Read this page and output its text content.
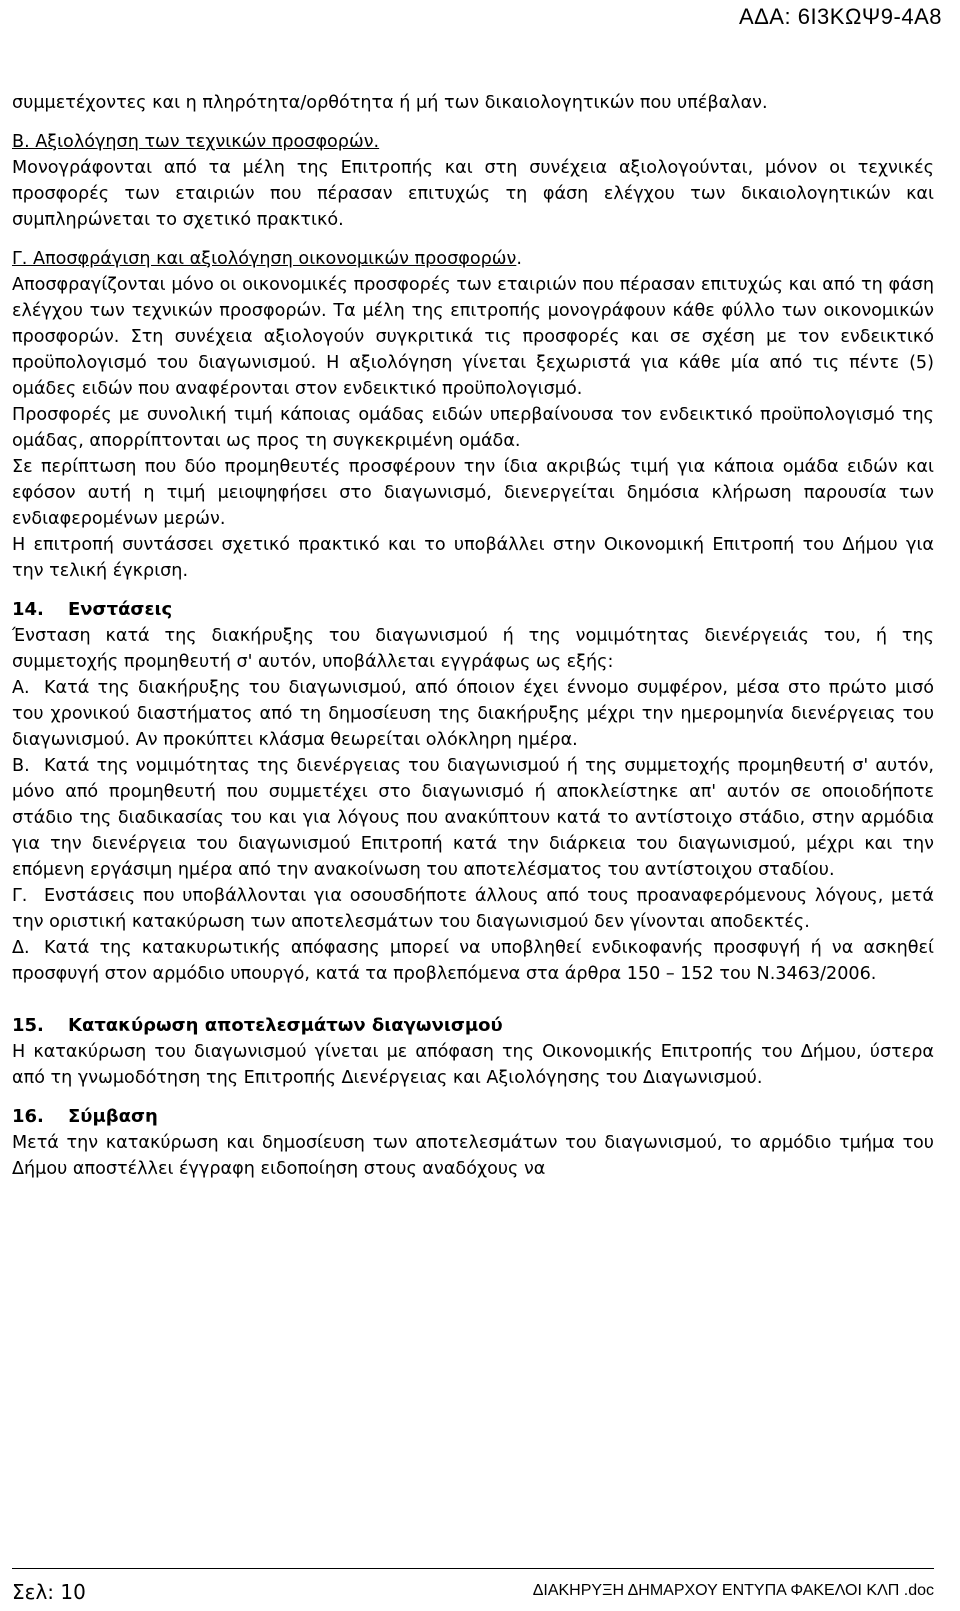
ΑΔΑ: 6Ι3ΚΩΨ9-4Α8

συμμετέχοντες και η πληρότητα/ορθότητα ή μή των δικαιολογητικών που υπέβαλαν.

Β. Αξιολόγηση των τεχνικών προσφορών.

Μονογράφονται από τα μέλη της Επιτροπής και στη συνέχεια αξιολογούνται, μόνον οι τεχνικές προσφορές των εταιριών που πέρασαν επιτυχώς τη φάση ελέγχου των δικαιολογητικών και συμπληρώνεται το σχετικό πρακτικό.

Γ. Αποσφράγιση και αξιολόγηση οικονομικών προσφορών.

Αποσφραγίζονται μόνο οι οικονομικές προσφορές των εταιριών που πέρασαν επιτυχώς και από τη φάση ελέγχου των τεχνικών προσφορών. Τα μέλη της επιτροπής μονογράφουν κάθε φύλλο των οικονομικών προσφορών. Στη συνέχεια αξιολογούν συγκριτικά τις προσφορές και σε σχέση με τον ενδεικτικό προϋπολογισμό του διαγωνισμού. Η αξιολόγηση γίνεται ξεχωριστά για κάθε μία από τις πέντε (5) ομάδες ειδών που αναφέρονται στον ενδεικτικό προϋπολογισμό.

Προσφορές με συνολική τιμή κάποιας ομάδας ειδών υπερβαίνουσα τον ενδεικτικό προϋπολογισμό της ομάδας, απορρίπτονται ως προς τη συγκεκριμένη ομάδα.

Σε περίπτωση που δύο προμηθευτές προσφέρουν την ίδια ακριβώς τιμή για κάποια ομάδα ειδών και εφόσον αυτή η τιμή μειοψηφήσει στο διαγωνισμό, διενεργείται δημόσια κλήρωση παρουσία των ενδιαφερομένων μερών.

Η επιτροπή συντάσσει σχετικό πρακτικό και το υποβάλλει στην Οικονομική Επιτροπή του Δήμου για την τελική έγκριση.

14. Ενστάσεις

Ένσταση κατά της διακήρυξης του διαγωνισμού ή της νομιμότητας διενέργειάς του, ή της συμμετοχής προμηθευτή σ' αυτόν, υποβάλλεται εγγράφως ως εξής:

Α. Κατά της διακήρυξης του διαγωνισμού, από όποιον έχει έννομο συμφέρον, μέσα στο πρώτο μισό του χρονικού διαστήματος από τη δημοσίευση της διακήρυξης μέχρι την ημερομηνία διενέργειας του διαγωνισμού. Αν προκύπτει κλάσμα θεωρείται ολόκληρη ημέρα.

Β. Κατά της νομιμότητας της διενέργειας του διαγωνισμού ή της συμμετοχής προμηθευτή σ' αυτόν, μόνο από προμηθευτή που συμμετέχει στο διαγωνισμό ή αποκλείστηκε απ' αυτόν σε οποιοδήποτε στάδιο της διαδικασίας του και για λόγους που ανακύπτουν κατά το αντίστοιχο στάδιο, στην αρμόδια για την διενέργεια του διαγωνισμού Επιτροπή κατά την διάρκεια του διαγωνισμού, μέχρι και την επόμενη εργάσιμη ημέρα από την ανακοίνωση του αποτελέσματος του αντίστοιχου σταδίου.

Γ. Ενστάσεις που υποβάλλονται για οσουσδήποτε άλλους από τους προαναφερόμενους λόγους, μετά την οριστική κατακύρωση των αποτελεσμάτων του διαγωνισμού δεν γίνονται αποδεκτές.

Δ. Κατά της κατακυρωτικής απόφασης μπορεί να υποβληθεί ενδικοφανής προσφυγή ή να ασκηθεί προσφυγή στον αρμόδιο υπουργό, κατά τα προβλεπόμενα στα άρθρα 150 – 152 του Ν.3463/2006.

15. Κατακύρωση αποτελεσμάτων διαγωνισμού

Η κατακύρωση του διαγωνισμού γίνεται με απόφαση της Οικονομικής Επιτροπής του Δήμου, ύστερα από τη γνωμοδότηση της Επιτροπής Διενέργειας και Αξιολόγησης του Διαγωνισμού.

16. Σύμβαση

Μετά την κατακύρωση και δημοσίευση των αποτελεσμάτων του διαγωνισμού, το αρμόδιο τμήμα του Δήμου αποστέλλει έγγραφη ειδοποίηση στους αναδόχους να

Σελ: 10	ΔΙΑΚΗΡΥΞΗ ΔΗΜΑΡΧΟΥ ΕΝΤΥΠΑ ΦΑΚΕΛΟΙ ΚΛΠ .doc
